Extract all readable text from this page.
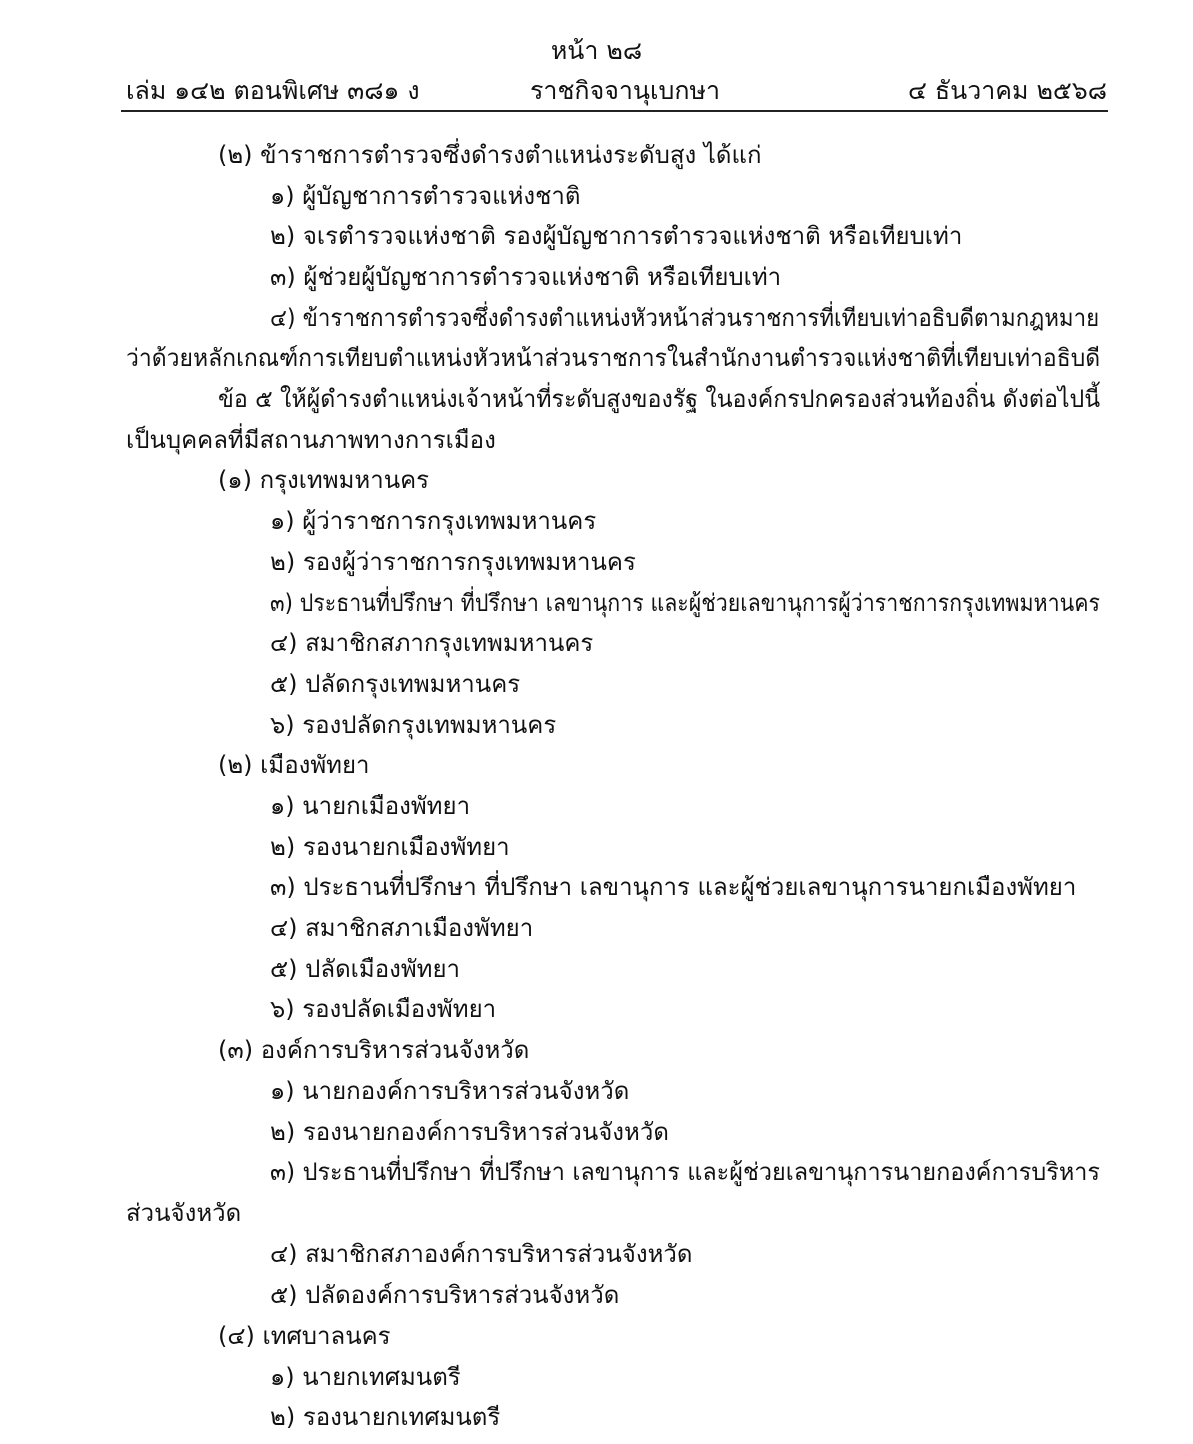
หน้า ๒๘
เล่ม ๑๔๒ ตอนพิเศษ ๓๘๑ ง	ราชกิจจานุเบกษา	๔ ธันวาคม ๒๕๖๘
(๒) ข้าราชการตำรวจซึ่งดำรงตำแหน่งระดับสูง ได้แก่
๑) ผู้บัญชาการตำรวจแห่งชาติ
๒) จเรตำรวจแห่งชาติ รองผู้บัญชาการตำรวจแห่งชาติ หรือเทียบเท่า
๓) ผู้ช่วยผู้บัญชาการตำรวจแห่งชาติ หรือเทียบเท่า
๔) ข้าราชการตำรวจซึ่งดำรงตำแหน่งหัวหน้าส่วนราชการที่เทียบเท่าอธิบดีตามกฎหมาย
ว่าด้วยหลักเกณฑ์การเทียบตำแหน่งหัวหน้าส่วนราชการในสำนักงานตำรวจแห่งชาติที่เทียบเท่าอธิบดี
ข้อ ๕ ให้ผู้ดำรงตำแหน่งเจ้าหน้าที่ระดับสูงของรัฐ ในองค์กรปกครองส่วนท้องถิ่น ดังต่อไปนี้
เป็นบุคคลที่มีสถานภาพทางการเมือง
(๑) กรุงเทพมหานคร
๑) ผู้ว่าราชการกรุงเทพมหานคร
๒) รองผู้ว่าราชการกรุงเทพมหานคร
๓) ประธานที่ปรึกษา ที่ปรึกษา เลขานุการ และผู้ช่วยเลขานุการผู้ว่าราชการกรุงเทพมหานคร
๔) สมาชิกสภากรุงเทพมหานคร
๕) ปลัดกรุงเทพมหานคร
๖) รองปลัดกรุงเทพมหานคร
(๒) เมืองพัทยา
๑) นายกเมืองพัทยา
๒) รองนายกเมืองพัทยา
๓) ประธานที่ปรึกษา ที่ปรึกษา เลขานุการ และผู้ช่วยเลขานุการนายกเมืองพัทยา
๔) สมาชิกสภาเมืองพัทยา
๕) ปลัดเมืองพัทยา
๖) รองปลัดเมืองพัทยา
(๓) องค์การบริหารส่วนจังหวัด
๑) นายกองค์การบริหารส่วนจังหวัด
๒) รองนายกองค์การบริหารส่วนจังหวัด
๓) ประธานที่ปรึกษา ที่ปรึกษา เลขานุการ และผู้ช่วยเลขานุการนายกองค์การบริหาร
ส่วนจังหวัด
๔) สมาชิกสภาองค์การบริหารส่วนจังหวัด
๕) ปลัดองค์การบริหารส่วนจังหวัด
(๔) เทศบาลนคร
๑) นายกเทศมนตรี
๒) รองนายกเทศมนตรี
